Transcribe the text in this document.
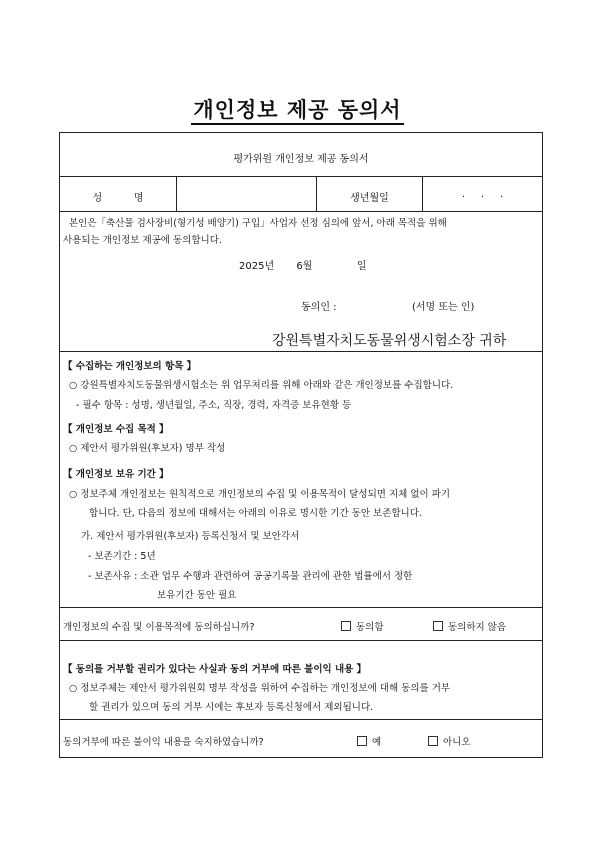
개인정보 제공 동의서
평가위원 개인정보 제공 동의서
성          명	생년월일	.     .     .
본인은「축산물 검사장비(형기성 배양기) 구입」사업자 선정 심의에 앞서, 아래 목적을 위해
사용되는 개인정보 제공에 동의합니다.
2025년       6월              일
동의인 :	(서명 또는 인)
강원특별자치도동물위생시험소장 귀하
【 수집하는 개인정보의 항목 】
○ 강원특별자치도동물위생시험소는 위 업무처리를 위해 아래와 같은 개인정보를 수집합니다.
- 필수 항목 : 성명, 생년월일, 주소, 직장, 경력, 자격증 보유현황 등
【 개인정보 수집 목적 】
○ 제안서 평가위원(후보자) 명부 작성
【 개인정보 보유 기간 】
○ 정보주체 개인정보는 원칙적으로 개인정보의 수집 및 이용목적이 달성되면 지체 없이 파기
합니다. 단, 다음의 정보에 대해서는 아래의 이유로 명시한 기간 동안 보존합니다.
가. 제안서 평가위원(후보자) 등록신청서 및 보안각서
- 보존기간 : 5년
- 보존사유 : 소관 업무 수행과 관련하여 공공기록물 관리에 관한 법률에서 정한
보유기간 동안 필요
개인정보의 수집 및 이용목적에 동의하십니까?	동의함	동의하지 않음
【 동의를 거부할 권리가 있다는 사실과 동의 거부에 따른 불이익 내용 】
○ 정보주체는 제안서 평가위원회 명부 작성을 위하여 수집하는 개인정보에 대해 동의를 거부
할 권리가 있으며 동의 거부 시에는 후보자 등록신청에서 제외됩니다.
동의거부에 따른 불이익 내용을 숙지하였습니까?	예	아니오
